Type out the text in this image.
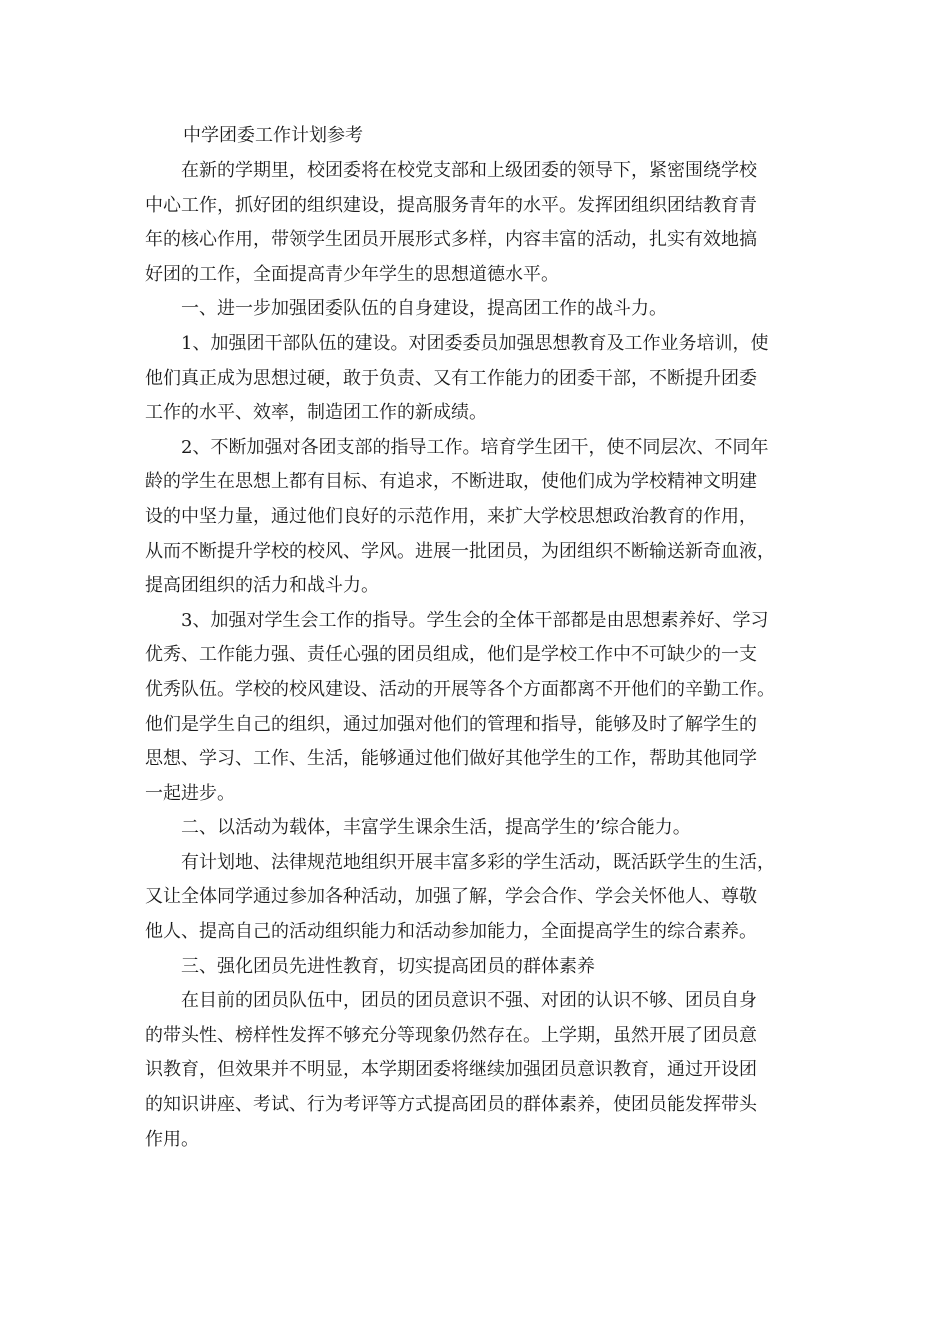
中学团委工作计划参考

在新的学期里，校团委将在校党支部和上级团委的领导下，紧密围绕学校
中心工作，抓好团的组织建设，提高服务青年的水平。发挥团组织团结教育青
年的核心作用，带领学生团员开展形式多样，内容丰富的活动，扎实有效地搞
好团的工作，全面提高青少年学生的思想道德水平。

一、进一步加强团委队伍的自身建设，提高团工作的战斗力。

1、加强团干部队伍的建设。对团委委员加强思想教育及工作业务培训，使
他们真正成为思想过硬，敢于负责、又有工作能力的团委干部，不断提升团委
工作的水平、效率，制造团工作的新成绩。

2、不断加强对各团支部的指导工作。培育学生团干，使不同层次、不同年
龄的学生在思想上都有目标、有追求，不断进取，使他们成为学校精神文明建
设的中坚力量，通过他们良好的示范作用，来扩大学校思想政治教育的作用，
从而不断提升学校的校风、学风。进展一批团员，为团组织不断输送新奇血液，
提高团组织的活力和战斗力。

3、加强对学生会工作的指导。学生会的全体干部都是由思想素养好、学习
优秀、工作能力强、责任心强的团员组成，他们是学校工作中不可缺少的一支
优秀队伍。学校的校风建设、活动的开展等各个方面都离不开他们的辛勤工作。
他们是学生自己的组织，通过加强对他们的管理和指导，能够及时了解学生的
思想、学习、工作、生活，能够通过他们做好其他学生的工作，帮助其他同学
一起进步。

二、以活动为载体，丰富学生课余生活，提高学生的’综合能力。

有计划地、法律规范地组织开展丰富多彩的学生活动，既活跃学生的生活，
又让全体同学通过参加各种活动，加强了解，学会合作、学会关怀他人、尊敬
他人、提高自己的活动组织能力和活动参加能力，全面提高学生的综合素养。

三、强化团员先进性教育，切实提高团员的群体素养

在目前的团员队伍中，团员的团员意识不强、对团的认识不够、团员自身
的带头性、榜样性发挥不够充分等现象仍然存在。上学期，虽然开展了团员意
识教育，但效果并不明显，本学期团委将继续加强团员意识教育，通过开设团
的知识讲座、考试、行为考评等方式提高团员的群体素养，使团员能发挥带头
作用。
